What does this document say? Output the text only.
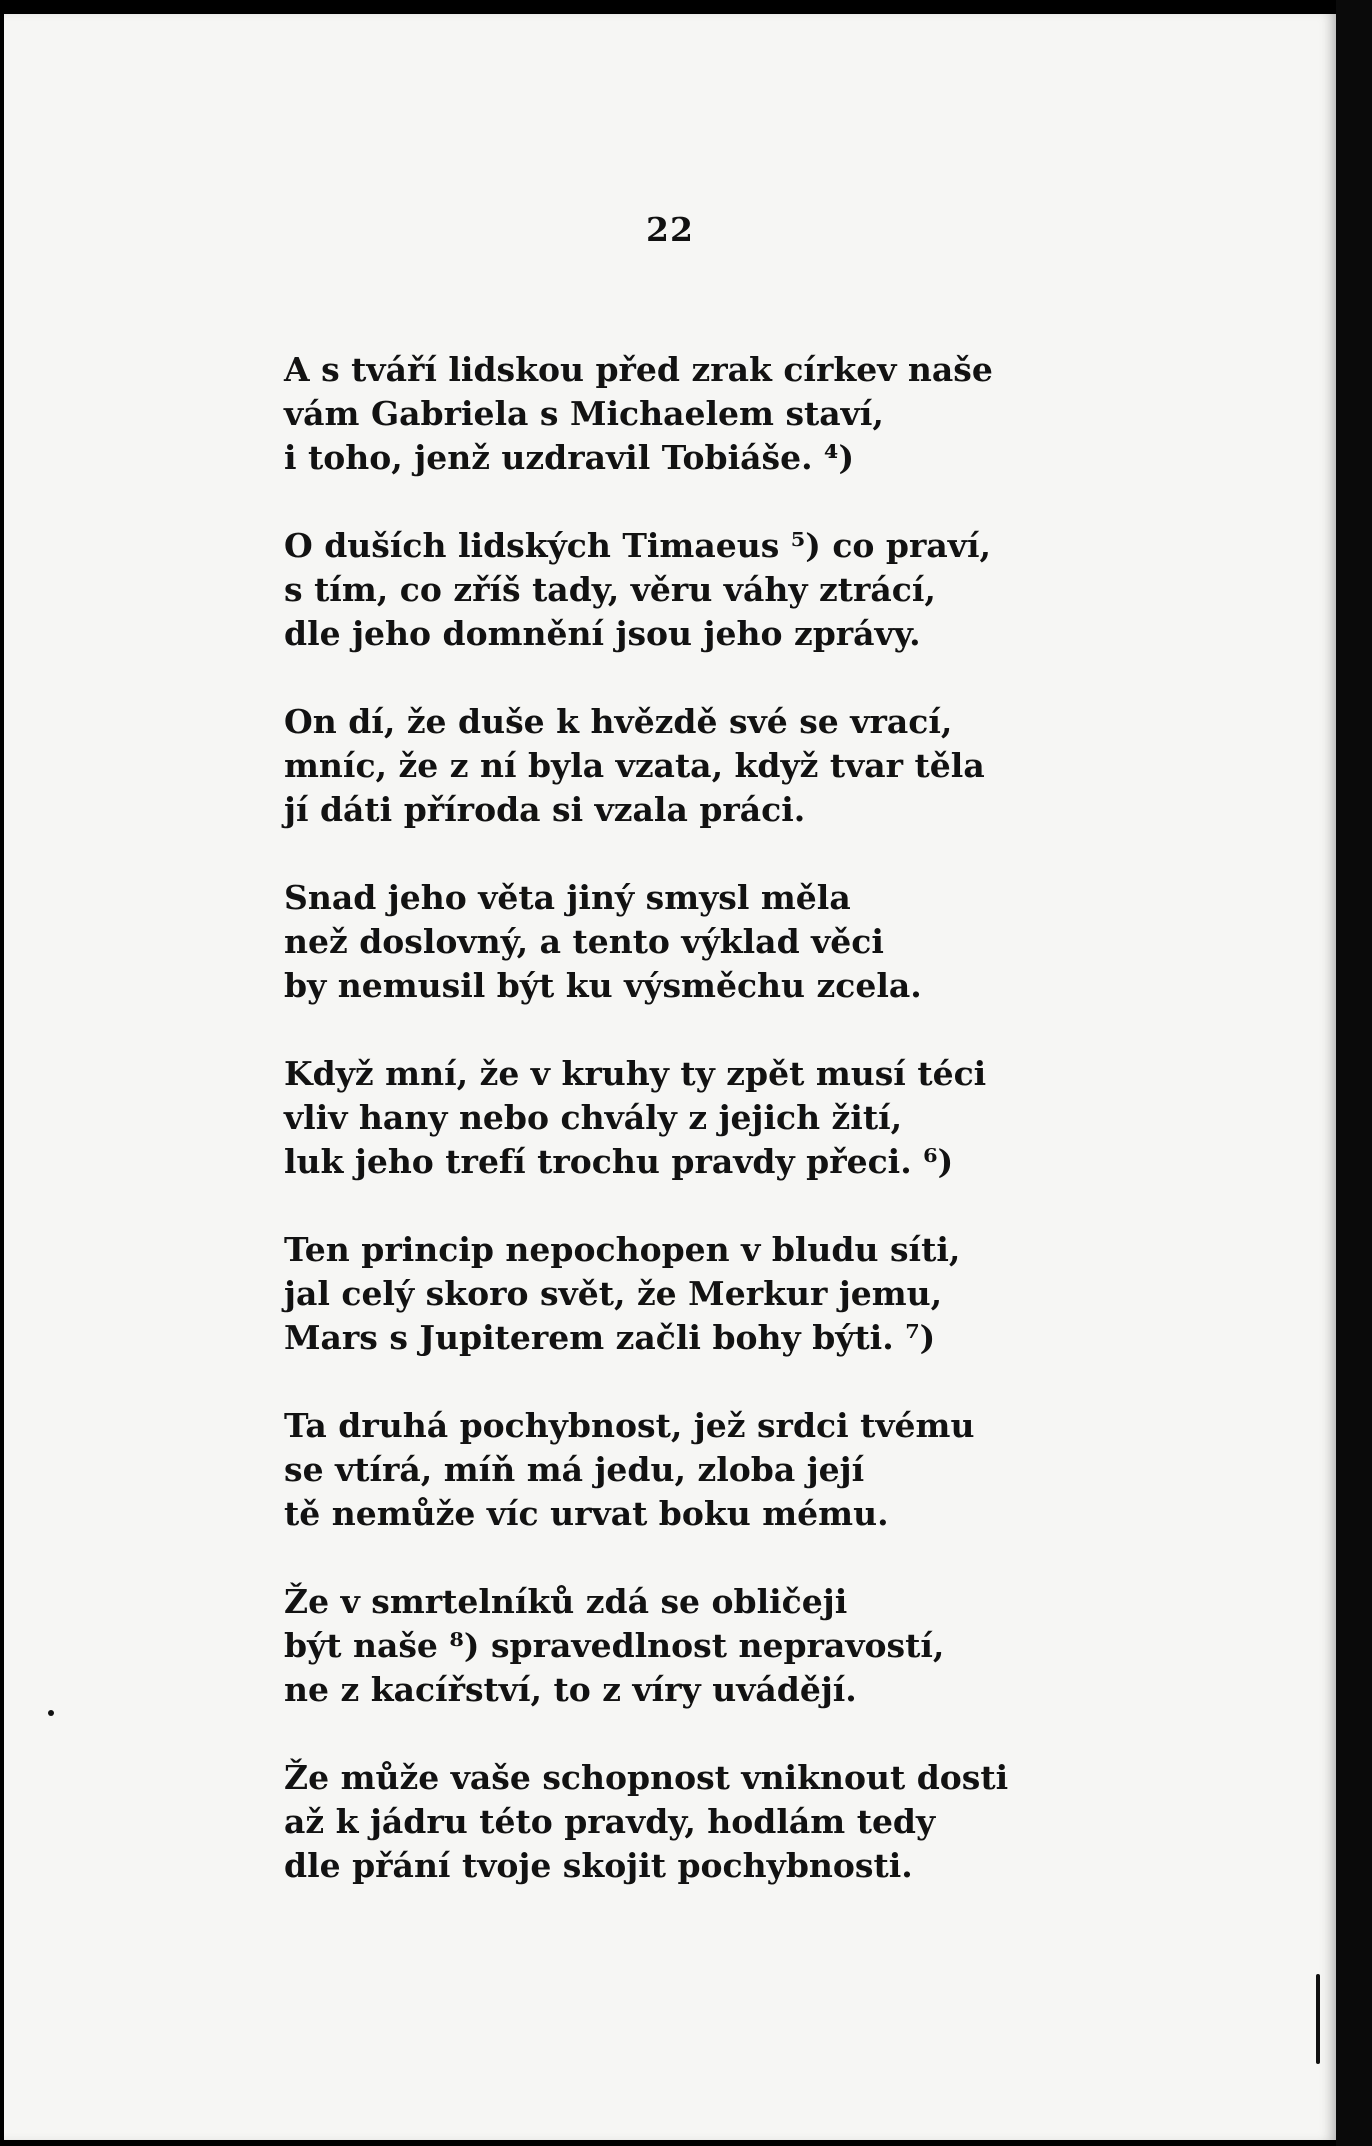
22
A s tváří lidskou před zrak církev naše
vám Gabriela s Michaelem staví,
i toho, jenž uzdravil Tobiáše. ⁴)
O duších lidských Timaeus ⁵) co praví,
s tím, co zříš tady, věru váhy ztrácí,
dle jeho domnění jsou jeho zprávy.
On dí, že duše k hvězdě své se vrací,
mníc, že z ní byla vzata, když tvar těla
jí dáti příroda si vzala práci.
Snad jeho věta jiný smysl měla
než doslovný, a tento výklad věci
by nemusil být ku výsměchu zcela.
Když mní, že v kruhy ty zpět musí téci
vliv hany nebo chvály z jejich žití,
luk jeho trefí trochu pravdy přeci. ⁶)
Ten princip nepochopen v bludu síti,
jal celý skoro svět, že Merkur jemu,
Mars s Jupiterem začli bohy býti. ⁷)
Ta druhá pochybnost, jež srdci tvému
se vtírá, míň má jedu, zloba její
tě nemůže víc urvat boku mému.
Že v smrtelníků zdá se obličeji
být naše ⁸) spravedlnost nepravostí,
ne z kacířství, to z víry uvádějí.
Že může vaše schopnost vniknout dosti
až k jádru této pravdy, hodlám tedy
dle přání tvoje skojit pochybnosti.
